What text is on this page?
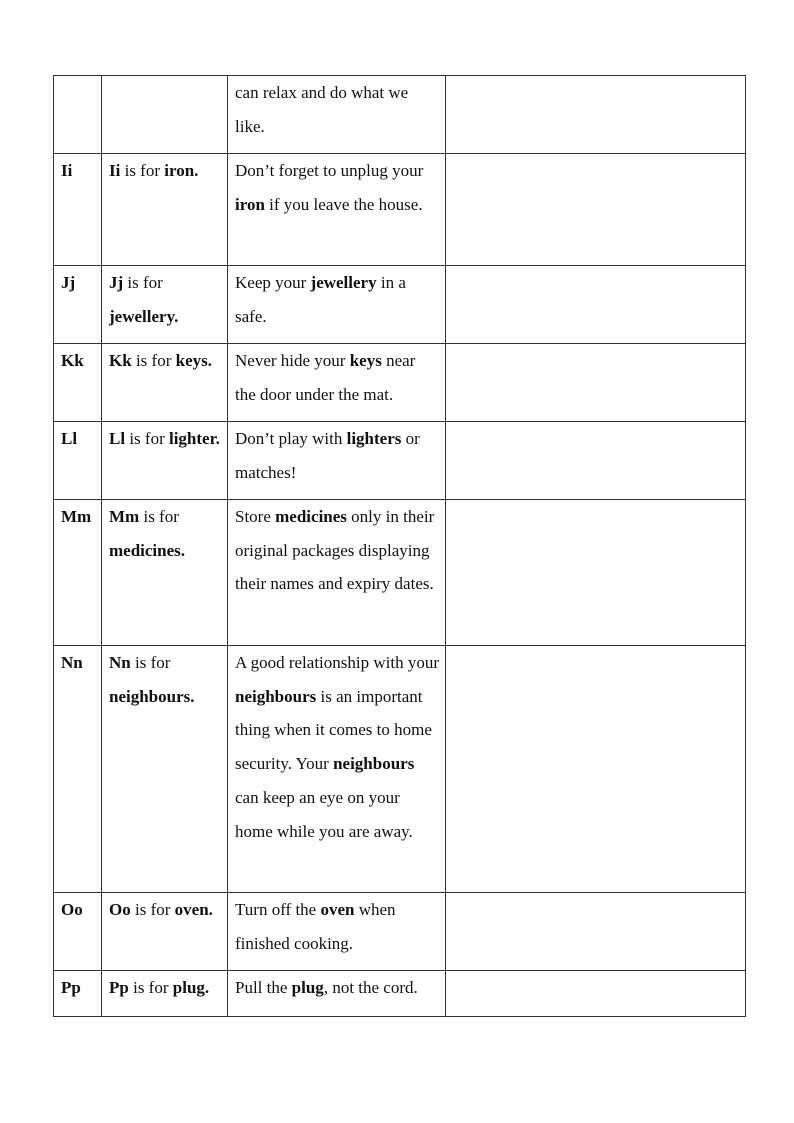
		can relax and do what we like.	
Ii	Ii is for iron.	Don’t forget to unplug your iron if you leave the house.	
Jj	Jj is for jewellery.	Keep your jewellery in a safe.	
Kk	Kk is for keys.	Never hide your keys near the door under the mat.	
Ll	Ll is for lighter.	Don’t play with lighters or matches!	
Mm	Mm is for medicines.	Store medicines only in their original packages displaying their names and expiry dates.	
Nn	Nn is for neighbours.	A good relationship with your neighbours is an important thing when it comes to home security. Your neighbours can keep an eye on your home while you are away.	
Oo	Oo is for oven.	Turn off the oven when finished cooking.	
Pp	Pp is for plug.	Pull the plug, not the cord.	
